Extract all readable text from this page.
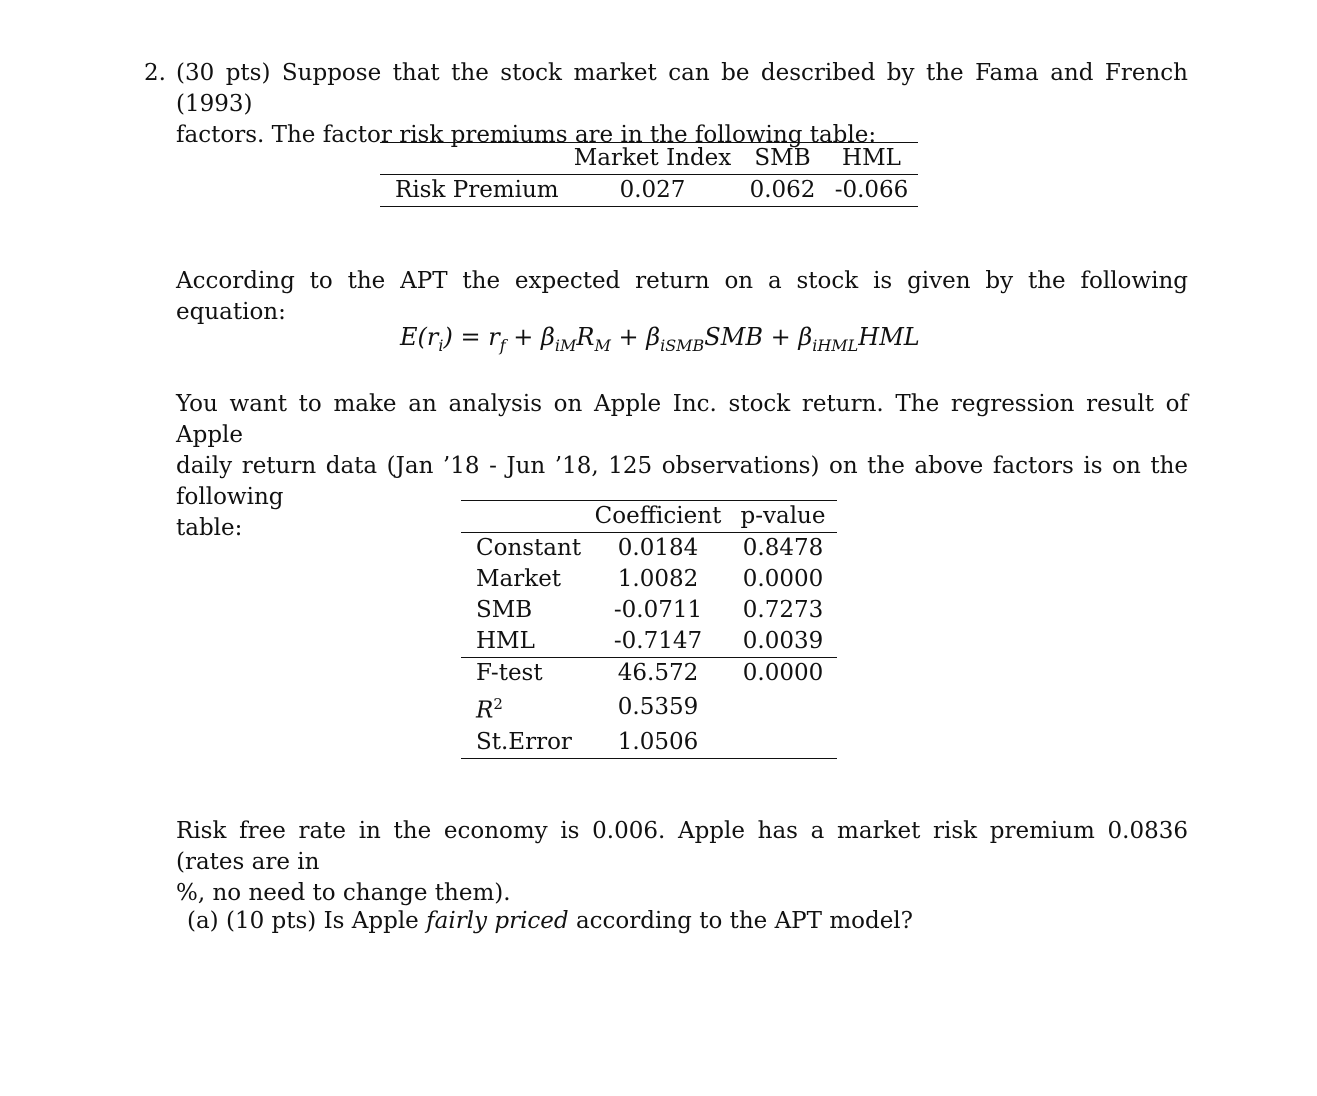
2. (30 pts) Suppose that the stock market can be described by the Fama and French (1993)
factors. The factor risk premiums are in the following table:
	Market Index	SMB	HML
Risk Premium	0.027	0.062	-0.066
According to the APT the expected return on a stock is given by the following equation:
$E(r_i) = r_f + \beta_{iM}R_M + \beta_{iSMB}SMB + \beta_{iHML}HML$
You want to make an analysis on Apple Inc. stock return. The regression result of Apple
daily return data (Jan ’18 - Jun ’18, 125 observations) on the above factors is on the following
table:
		Coefficient	p-value
Constant	0.0184	0.8478
Market	1.0082	0.0000
SMB	-0.0711	0.7273
HML	-0.7147	0.0039
F-test	46.572	0.0000
$R^2$	0.5359	
St.Error	1.0506	
Risk free rate in the economy is 0.006. Apple has a market risk premium 0.0836 (rates are in
%, no need to change them).
(a) (10 pts) Is Apple fairly priced according to the APT model?
